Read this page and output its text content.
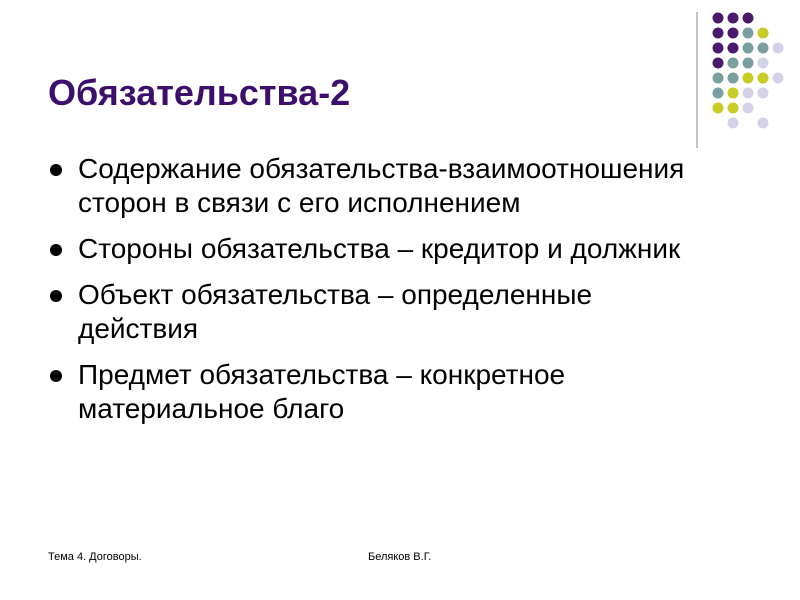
Обязательства-2
Содержание обязательства-взаимоотношения сторон в связи с его исполнением
Стороны обязательства – кредитор и должник
Объект обязательства – определенные действия
Предмет обязательства – конкретное материальное благо
Тема 4. Договоры.	Беляков В.Г.
